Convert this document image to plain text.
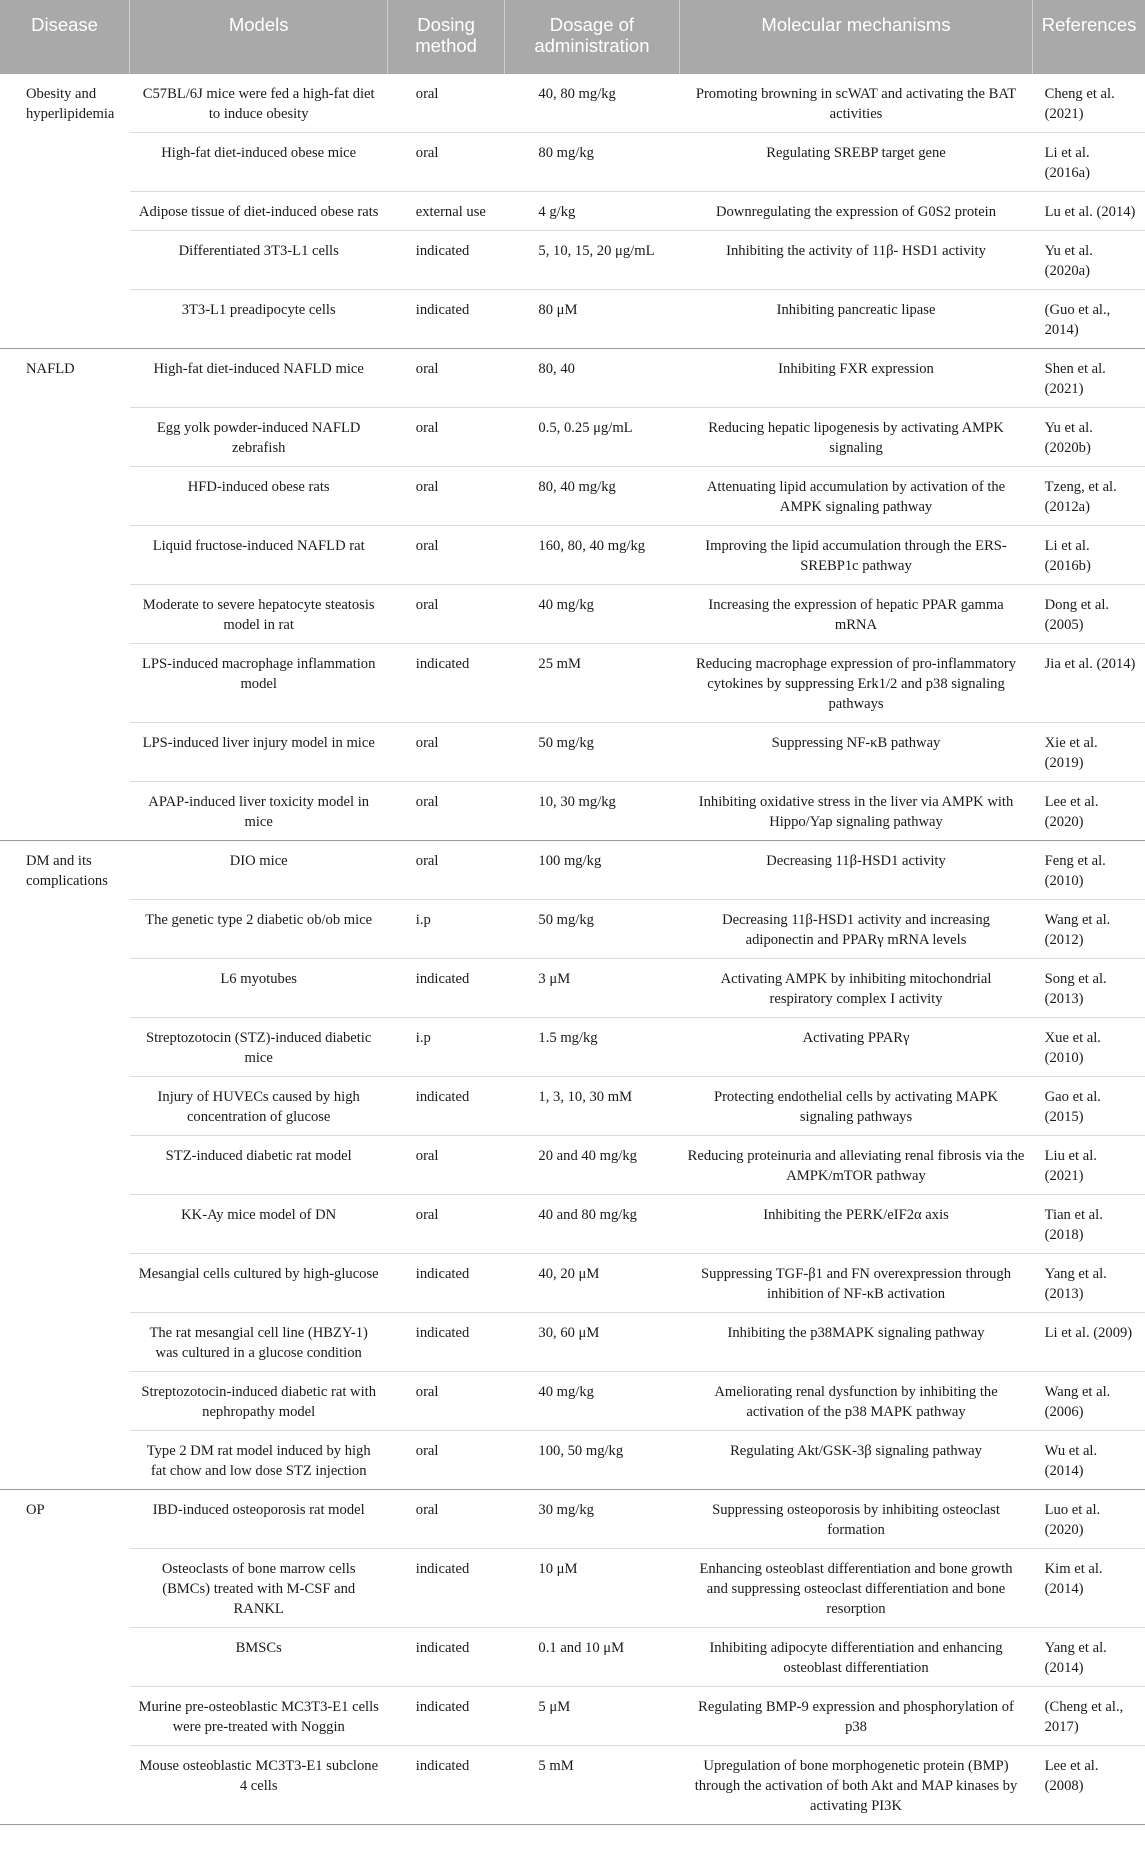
Disease	Models	Dosing method	Dosage of administration	Molecular mechanisms	References
Obesity and hyperlipidemia	C57BL/6J mice were fed a high-fat diet to induce obesity	oral	40, 80 mg/kg	Promoting browning in scWAT and activating the BAT activities	Cheng et al. (2021)
	High-fat diet-induced obese mice	oral	80 mg/kg	Regulating SREBP target gene	Li et al. (2016a)
	Adipose tissue of diet-induced obese rats	external use	4 g/kg	Downregulating the expression of G0S2 protein	Lu et al. (2014)
	Differentiated 3T3-L1 cells	indicated	5, 10, 15, 20 μg/mL	Inhibiting the activity of 11β- HSD1 activity	Yu et al. (2020a)
	3T3-L1 preadipocyte cells	indicated	80 μM	Inhibiting pancreatic lipase	(Guo et al., 2014)
NAFLD	High-fat diet-induced NAFLD mice	oral	80, 40	Inhibiting FXR expression	Shen et al. (2021)
	Egg yolk powder-induced NAFLD zebrafish	oral	0.5, 0.25 μg/mL	Reducing hepatic lipogenesis by activating AMPK signaling	Yu et al. (2020b)
	HFD-induced obese rats	oral	80, 40 mg/kg	Attenuating lipid accumulation by activation of the AMPK signaling pathway	Tzeng, et al. (2012a)
	Liquid fructose-induced NAFLD rat	oral	160, 80, 40 mg/kg	Improving the lipid accumulation through the ERS-SREBP1c pathway	Li et al. (2016b)
	Moderate to severe hepatocyte steatosis model in rat	oral	40 mg/kg	Increasing the expression of hepatic PPAR gamma mRNA	Dong et al. (2005)
	LPS-induced macrophage inflammation model	indicated	25 mM	Reducing macrophage expression of pro-inflammatory cytokines by suppressing Erk1/2 and p38 signaling pathways	Jia et al. (2014)
	LPS-induced liver injury model in mice	oral	50 mg/kg	Suppressing NF-κB pathway	Xie et al. (2019)
	APAP-induced liver toxicity model in mice	oral	10, 30 mg/kg	Inhibiting oxidative stress in the liver via AMPK with Hippo/Yap signaling pathway	Lee et al. (2020)
DM and its complications	DIO mice	oral	100 mg/kg	Decreasing 11β-HSD1 activity	Feng et al. (2010)
	The genetic type 2 diabetic ob/ob mice	i.p	50 mg/kg	Decreasing 11β-HSD1 activity and increasing adiponectin and PPARγ mRNA levels	Wang et al. (2012)
	L6 myotubes	indicated	3 μM	Activating AMPK by inhibiting mitochondrial respiratory complex I activity	Song et al. (2013)
	Streptozotocin (STZ)-induced diabetic mice	i.p	1.5 mg/kg	Activating PPARγ	Xue et al. (2010)
	Injury of HUVECs caused by high concentration of glucose	indicated	1, 3, 10, 30 mM	Protecting endothelial cells by activating MAPK signaling pathways	Gao et al. (2015)
	STZ-induced diabetic rat model	oral	20 and 40 mg/kg	Reducing proteinuria and alleviating renal fibrosis via the AMPK/mTOR pathway	Liu et al. (2021)
	KK-Ay mice model of DN	oral	40 and 80 mg/kg	Inhibiting the PERK/eIF2α axis	Tian et al. (2018)
	Mesangial cells cultured by high-glucose	indicated	40, 20 μM	Suppressing TGF-β1 and FN overexpression through inhibition of NF-κB activation	Yang et al. (2013)
	The rat mesangial cell line (HBZY-1) was cultured in a glucose condition	indicated	30, 60 μM	Inhibiting the p38MAPK signaling pathway	Li et al. (2009)
	Streptozotocin-induced diabetic rat with nephropathy model	oral	40 mg/kg	Ameliorating renal dysfunction by inhibiting the activation of the p38 MAPK pathway	Wang et al. (2006)
	Type 2 DM rat model induced by high fat chow and low dose STZ injection	oral	100, 50 mg/kg	Regulating Akt/GSK-3β signaling pathway	Wu et al. (2014)
OP	IBD-induced osteoporosis rat model	oral	30 mg/kg	Suppressing osteoporosis by inhibiting osteoclast formation	Luo et al. (2020)
	Osteoclasts of bone marrow cells (BMCs) treated with M-CSF and RANKL	indicated	10 μM	Enhancing osteoblast differentiation and bone growth and suppressing osteoclast differentiation and bone resorption	Kim et al. (2014)
	BMSCs	indicated	0.1 and 10 μM	Inhibiting adipocyte differentiation and enhancing osteoblast differentiation	Yang et al. (2014)
	Murine pre-osteoblastic MC3T3-E1 cells were pre-treated with Noggin	indicated	5 μM	Regulating BMP-9 expression and phosphorylation of p38	(Cheng et al., 2017)
	Mouse osteoblastic MC3T3-E1 subclone 4 cells	indicated	5 mM	Upregulation of bone morphogenetic protein (BMP) through the activation of both Akt and MAP kinases by activating PI3K	Lee et al. (2008)
